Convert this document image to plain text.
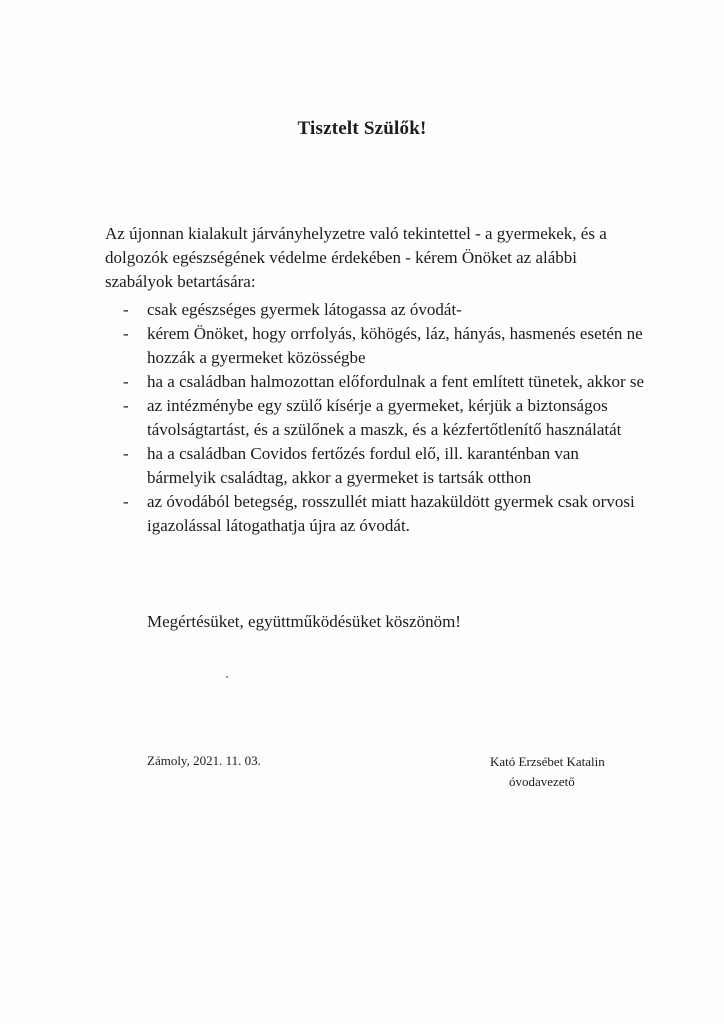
Tisztelt Szülők!
Az újonnan kialakult járványhelyzetre való tekintettel - a gyermekek, és a dolgozók egészségének védelme érdekében - kérem Önöket az alábbi szabályok betartására:
- csak egészséges gyermek látogassa az óvodát-
- kérem Önöket, hogy orrfolyás, köhögés, láz, hányás, hasmenés esetén ne hozzák a gyermeket közösségbe
- ha a családban halmozottan előfordulnak a fent említett tünetek, akkor se
- az intézménybe egy szülő kísérje a gyermeket, kérjük a biztonságos távolságtartást, és a szülőnek a maszk, és a kézfertőtlenítő használatát
- ha a családban Covidos fertőzés fordul elő, ill. karanténban van bármelyik családtag, akkor a gyermeket is tartsák otthon
- az óvodából betegség, rosszullét miatt hazaküldött gyermek csak orvosi igazolással látogathatja újra az óvodát.
Megértésüket, együttműködésüket köszönöm!
Zámoly, 2021. 11. 03.	Kató Erzsébet Katalin
óvodavezető
